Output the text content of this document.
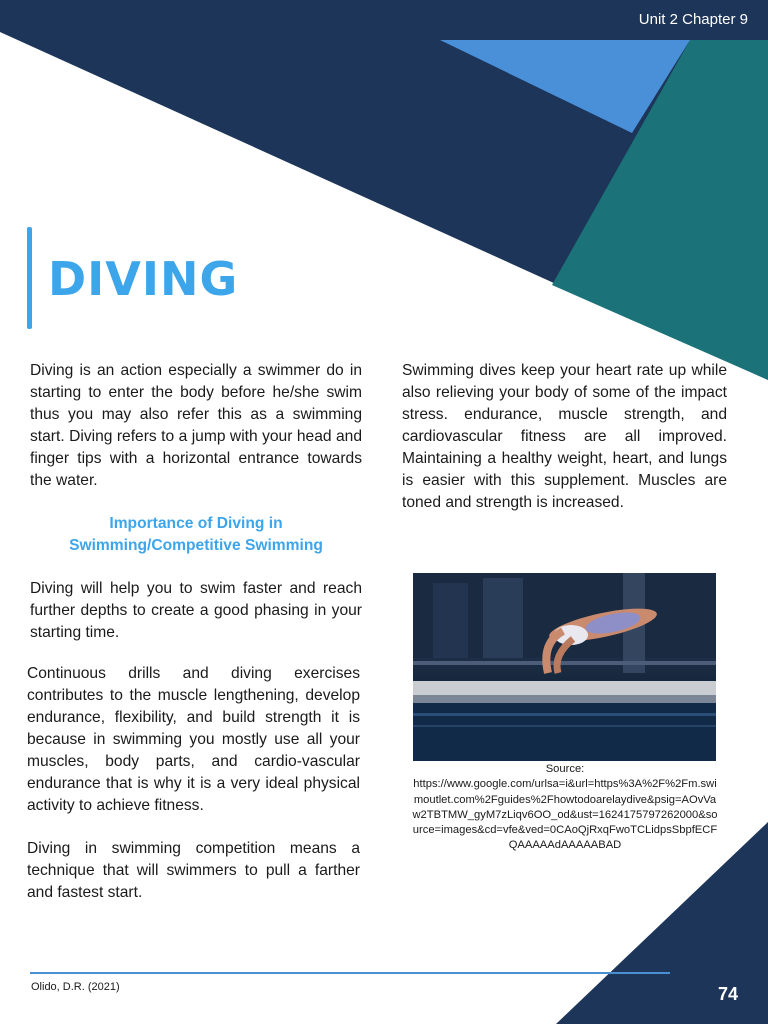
Unit 2 Chapter 9
DIVING

Diving is an action especially a swimmer do in starting to enter the body before he/she swim thus you may also refer this as a swimming start. Diving refers to a jump with your head and finger tips with a horizontal entrance towards the water.

Importance of Diving in
Swimming/Competitive Swimming

Diving will help you to swim faster and reach further depths to create a good phasing in your starting time.

Continuous drills and diving exercises contributes to the muscle lengthening, develop endurance, flexibility, and build strength it is because in swimming you mostly use all your muscles, body parts, and cardio-vascular endurance that is why it is a very ideal physical activity to achieve fitness.

Diving in swimming competition means a technique that will swimmers to pull a farther and fastest start.

Swimming dives keep your heart rate up while also relieving your body of some of the impact stress. endurance, muscle strength, and cardiovascular fitness are all improved. Maintaining a healthy weight, heart, and lungs is easier with this supplement. Muscles are toned and strength is increased.

Source:
https://www.google.com/urlsa=i&url=https%3A%2F%2Fm.swimoutlet.com%2Fguides%2Fhowtodoarelaydive&psig=AOvVaw2TBTMW_gyM7zLiqv6OO_od&ust=1624175797262000&source=images&cd=vfe&ved=0CAoQjRxqFwoTCLidpsSbpfECFQAAAAAdAAAAABAD
Olido, D.R. (2021)	74
